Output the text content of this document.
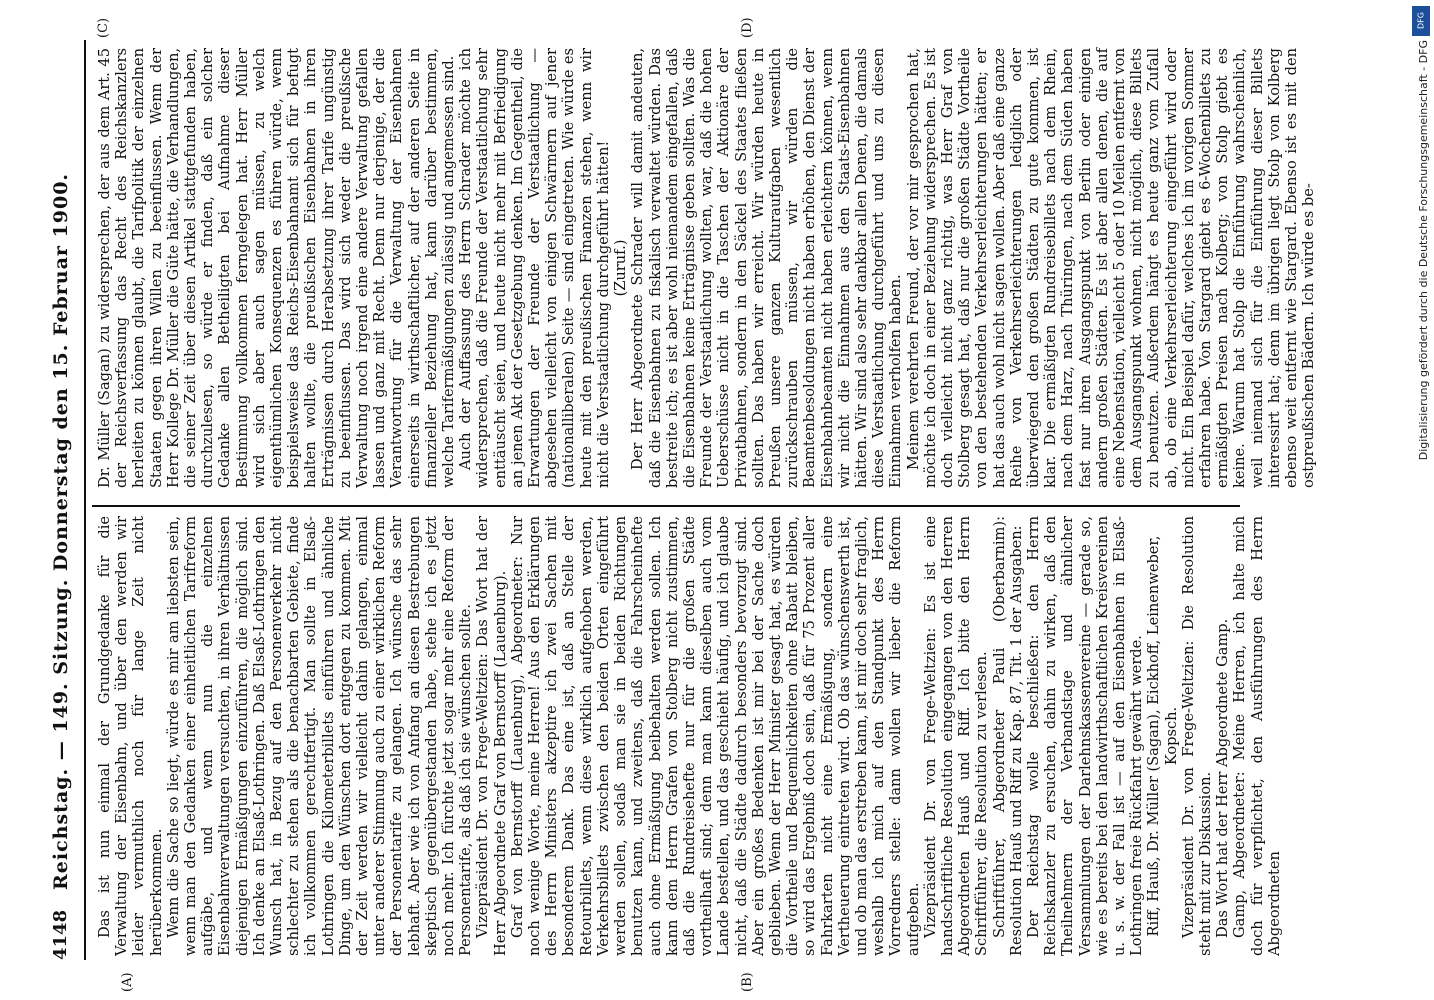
4148
Reichstag. — 149. Sitzung. Donnerstag den 15. Februar 1900.
(A)	(B)
(C)	(D)

Das ist nun einmal der Grundgedanke für die Verwaltung der Eisenbahn, und über den werden wir leider vermuthlich noch für lange Zeit nicht herüberkommen. Wenn die Sache so liegt, würde es mir am liebsten sein, wenn man den Gedanken einer einheitlichen Tarifreform aufgäbe, und wenn nun die einzelnen Eisenbahnverwaltungen versuchten, in ihren Verhältnissen diejenigen Ermäßigungen einzuführen, die möglich sind. Ich denke an Elsaß-Lothringen. Daß Elsaß-Lothringen den Wunsch hat, in Bezug auf den Personenverkehr nicht schlechter zu stehen als die benachbarten Gebiete, finde ich vollkommen gerechtfertigt. Man sollte in Elsaß-Lothringen die Kilometerbillets einführen und ähnliche Dinge, um den Wünschen dort entgegen zu kommen. Mit der Zeit werden wir vielleicht dahin gelangen, einmal unter anderer Stimmung auch zu einer wirklichen Reform der Personentarife zu gelangen. Ich wünsche das sehr lebhaft. Aber wie ich von Anfang an diesen Bestrebungen skeptisch gegenübergestanden habe, stehe ich es jetzt noch mehr. Ich fürchte jetzt sogar mehr eine Reform der Personentarife, als daß ich sie wünschen sollte. Vizepräsident Dr. von Frege-Weltzien: Das Wort hat der Herr Abgeordnete Graf von Bernstorff (Lauenburg). Graf von Bernstorff (Lauenburg), Abgeordneter: Nur noch wenige Worte, meine Herren! Aus den Erklärungen des Herrn Ministers akzeptire ich zwei Sachen mit besonderem Dank. Das eine ist, daß an Stelle der Retourbillets, wenn diese wirklich aufgehoben werden, Verkehrsbillets zwischen den beiden Orten eingeführt werden sollen, sodaß man sie in beiden Richtungen benutzen kann, und zweitens, daß die Fahrscheinhefte auch ohne Ermäßigung beibehalten werden sollen. Ich kann dem Herrn Grafen von Stolberg nicht zustimmen, daß die Rundreisehefte nur für die großen Städte vortheilhaft sind; denn man kann dieselben auch vom Lande bestellen, und das geschieht häufig, und ich glaube nicht, daß die Städte dadurch besonders bevorzugt sind. Aber ein großes Bedenken ist mir bei der Sache doch geblieben. Wenn der Herr Minister gesagt hat, es würden die Vortheile und Bequemlichkeiten ohne Rabatt bleiben, so wird das Ergebniß doch sein, daß für 75 Prozent aller Fahrkarten nicht eine Ermäßigung, sondern eine Vertheuerung eintreten wird. Ob das wünschenswerth ist, und ob man das erstreben kann, ist mir doch sehr fraglich, weshalb ich mich auf den Standpunkt des Herrn Vorredners stelle: dann wollen wir lieber die Reform aufgeben. Vizepräsident Dr. von Frege-Weltzien: Es ist eine handschriftliche Resolution eingegangen von den Herren Abgeordneten Hauß und Riff. Ich bitte den Herrn Schriftführer, die Resolution zu verlesen. Schriftführer, Abgeordneter Pauli (Oberbarnim): Resolution Hauß und Riff zu Kap. 87, Tit. 1 der Ausgaben: Der Reichstag wolle beschließen: den Herrn Reichskanzler zu ersuchen, dahin zu wirken, daß den Theilnehmern der Verbandstage und ähnlicher Versammlungen der Darlehnskassenvereine — gerade so, wie es bereits bei den landwirthschaftlichen Kreisvereinen u. s. w. der Fall ist — auf den Eisenbahnen in Elsaß-Lothringen freie Rückfahrt gewährt werde. Riff, Hauß, Dr. Müller (Sagan), Eickhoff, Leinenweber, Kopsch. Vizepräsident Dr. von Frege-Weltzien: Die Resolution steht mit zur Diskussion. Das Wort hat der Herr Abgeordnete Gamp. Gamp, Abgeordneter: Meine Herren, ich halte mich doch für verpflichtet, den Ausführungen des Herrn Abgeordneten

Dr. Müller (Sagan) zu widersprechen, der aus dem Art. 45 der Reichsverfassung das Recht des Reichskanzlers herleiten zu können glaubt, die Tarifpolitik der einzelnen Staaten gegen ihren Willen zu beeinflussen. Wenn der Herr Kollege Dr. Müller die Güte hätte, die Verhandlungen, die seiner Zeit über diesen Artikel stattgefunden haben, durchzulesen, so würde er finden, daß ein solcher Gedanke allen Betheiligten bei Aufnahme dieser Bestimmung vollkommen ferngelegen hat. Herr Müller wird sich aber auch sagen müssen, zu welch eigenthümlichen Konsequenzen es führen würde, wenn beispielsweise das Reichs-Eisenbahnamt sich für befugt halten wollte, die preußischen Eisenbahnen in ihren Erträgnissen durch Herabsetzung ihrer Tarife ungünstig zu beeinflussen. Das wird sich weder die preußische Verwaltung noch irgend eine andere Verwaltung gefallen lassen und ganz mit Recht. Denn nur derjenige, der die Verantwortung für die Verwaltung der Eisenbahnen einerseits in wirthschaftlicher, auf der anderen Seite in finanzieller Beziehung hat, kann darüber bestimmen, welche Tarifermäßigungen zulässig und angemessen sind. Auch der Auffassung des Herrn Schrader möchte ich widersprechen, daß die Freunde der Verstaatlichung sehr enttäuscht seien, und heute nicht mehr mit Befriedigung an jenen Akt der Gesetzgebung denken. Im Gegentheil, die Erwartungen der Freunde der Verstaatlichung — abgesehen vielleicht von einigen Schwärmern auf jener (nationalliberalen) Seite — sind eingetreten. Wie würde es heute mit den preußischen Finanzen stehen, wenn wir nicht die Verstaatlichung durchgeführt hätten! (Zuruf.) Der Herr Abgeordnete Schrader will damit andeuten, daß die Eisenbahnen zu fiskalisch verwaltet würden. Das bestreite ich; es ist aber wohl niemandem eingefallen, daß die Eisenbahnen keine Erträgnisse geben sollten. Was die Freunde der Verstaatlichung wollten, war, daß die hohen Ueberschüsse nicht in die Taschen der Aktionäre der Privatbahnen, sondern in den Säckel des Staates fließen sollten. Das haben wir erreicht. Wir würden heute in Preußen unsere ganzen Kulturaufgaben wesentlich zurückschrauben müssen, wir würden die Beamtenbesoldungen nicht haben erhöhen, den Dienst der Eisenbahnbeamten nicht haben erleichtern können, wenn wir nicht die Einnahmen aus den Staats-Eisenbahnen hätten. Wir sind also sehr dankbar allen Denen, die damals diese Verstaatlichung durchgeführt und uns zu diesen Einnahmen verholfen haben. Meinem verehrten Freund, der vor mir gesprochen hat, möchte ich doch in einer Beziehung widersprechen. Es ist doch vielleicht nicht ganz richtig, was Herr Graf von Stolberg gesagt hat, daß nur die großen Städte Vortheile von den bestehenden Verkehrserleichterungen hätten; er hat das auch wohl nicht sagen wollen. Aber daß eine ganze Reihe von Verkehrserleichterungen lediglich oder überwiegend den großen Städten zu gute kommen, ist klar. Die ermäßigten Rundreisebillets nach dem Rhein, nach dem Harz, nach Thüringen, nach dem Süden haben fast nur ihren Ausgangspunkt von Berlin oder einigen andern großen Städten. Es ist aber allen denen, die auf eine Nebenstation, vielleicht 5 oder 10 Meilen entfernt von dem Ausgangspunkt wohnen, nicht möglich, diese Billets zu benutzen. Außerdem hängt es heute ganz vom Zufall ab, ob eine Verkehrserleichterung eingeführt wird oder nicht. Ein Beispiel dafür, welches ich im vorigen Sommer erfahren habe. Von Stargard giebt es 6-Wochenbillets zu ermäßigten Preisen nach Kolberg; von Stolp giebt es keine. Warum hat Stolp die Einführung wahrscheinlich, weil niemand sich für die Einführung dieser Billets interessirt hat; denn im übrigen liegt Stolp von Kolberg ebenso weit entfernt wie Stargard. Ebenso ist es mit den ostpreußischen Bädern. Ich würde es be-

DFG
Digitalisierung gefördert durch die Deutsche Forschungsgemeinschaft - DFG
